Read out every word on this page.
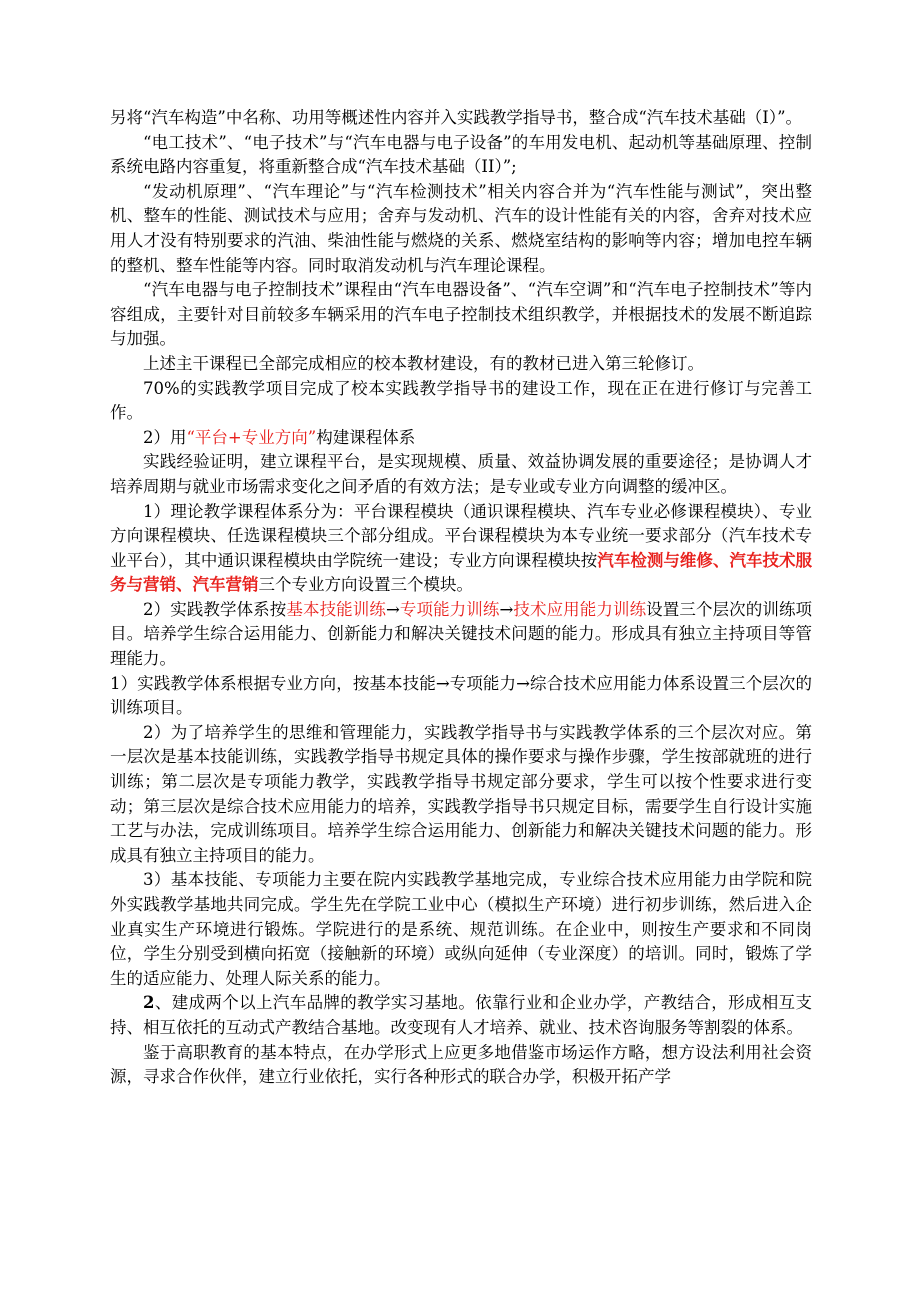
另将“汽车构造”中名称、功用等概述性内容并入实践教学指导书，整合成“汽车技术基础（I）”。

“电工技术”、“电子技术”与“汽车电器与电子设备”的车用发电机、起动机等基础原理、控制系统电路内容重复，将重新整合成“汽车技术基础（II）”;

“发动机原理”、“汽车理论”与“汽车检测技术”相关内容合并为“汽车性能与测试”，突出整机、整车的性能、测试技术与应用；舍弃与发动机、汽车的设计性能有关的内容，舍弃对技术应用人才没有特别要求的汽油、柴油性能与燃烧的关系、燃烧室结构的影响等内容；增加电控车辆的整机、整车性能等内容。同时取消发动机与汽车理论课程。

“汽车电器与电子控制技术”课程由“汽车电器设备”、“汽车空调”和“汽车电子控制技术”等内容组成，主要针对目前较多车辆采用的汽车电子控制技术组织教学，并根据技术的发展不断追踪与加强。

上述主干课程已全部完成相应的校本教材建设，有的教材已进入第三轮修订。

70%的实践教学项目完成了校本实践教学指导书的建设工作，现在正在进行修订与完善工作。

2）用“平台+专业方向”构建课程体系

实践经验证明，建立课程平台，是实现规模、质量、效益协调发展的重要途径；是协调人才培养周期与就业市场需求变化之间矛盾的有效方法；是专业或专业方向调整的缓冲区。

1）理论教学课程体系分为：平台课程模块（通识课程模块、汽车专业必修课程模块）、专业方向课程模块、任选课程模块三个部分组成。平台课程模块为本专业统一要求部分（汽车技术专业平台），其中通识课程模块由学院统一建设；专业方向课程模块按汽车检测与维修、汽车技术服务与营销、汽车营销三个专业方向设置三个模块。

2）实践教学体系按基本技能训练→专项能力训练→技术应用能力训练设置三个层次的训练项目。培养学生综合运用能力、创新能力和解决关键技术问题的能力。形成具有独立主持项目等管理能力。

1）实践教学体系根据专业方向，按基本技能→专项能力→综合技术应用能力体系设置三个层次的训练项目。

2）为了培养学生的思维和管理能力，实践教学指导书与实践教学体系的三个层次对应。第一层次是基本技能训练，实践教学指导书规定具体的操作要求与操作步骤，学生按部就班的进行训练；第二层次是专项能力教学，实践教学指导书规定部分要求，学生可以按个性要求进行变动；第三层次是综合技术应用能力的培养，实践教学指导书只规定目标，需要学生自行设计实施工艺与办法，完成训练项目。培养学生综合运用能力、创新能力和解决关键技术问题的能力。形成具有独立主持项目的能力。

3）基本技能、专项能力主要在院内实践教学基地完成，专业综合技术应用能力由学院和院外实践教学基地共同完成。学生先在学院工业中心（模拟生产环境）进行初步训练，然后进入企业真实生产环境进行锻炼。学院进行的是系统、规范训练。在企业中，则按生产要求和不同岗位，学生分别受到横向拓宽（接触新的环境）或纵向延伸（专业深度）的培训。同时，锻炼了学生的适应能力、处理人际关系的能力。

2、建成两个以上汽车品牌的教学实习基地。依靠行业和企业办学，产教结合，形成相互支持、相互依托的互动式产教结合基地。改变现有人才培养、就业、技术咨询服务等割裂的体系。

鉴于高职教育的基本特点，在办学形式上应更多地借鉴市场运作方略，想方设法利用社会资源，寻求合作伙伴，建立行业依托，实行各种形式的联合办学，积极开拓产学
